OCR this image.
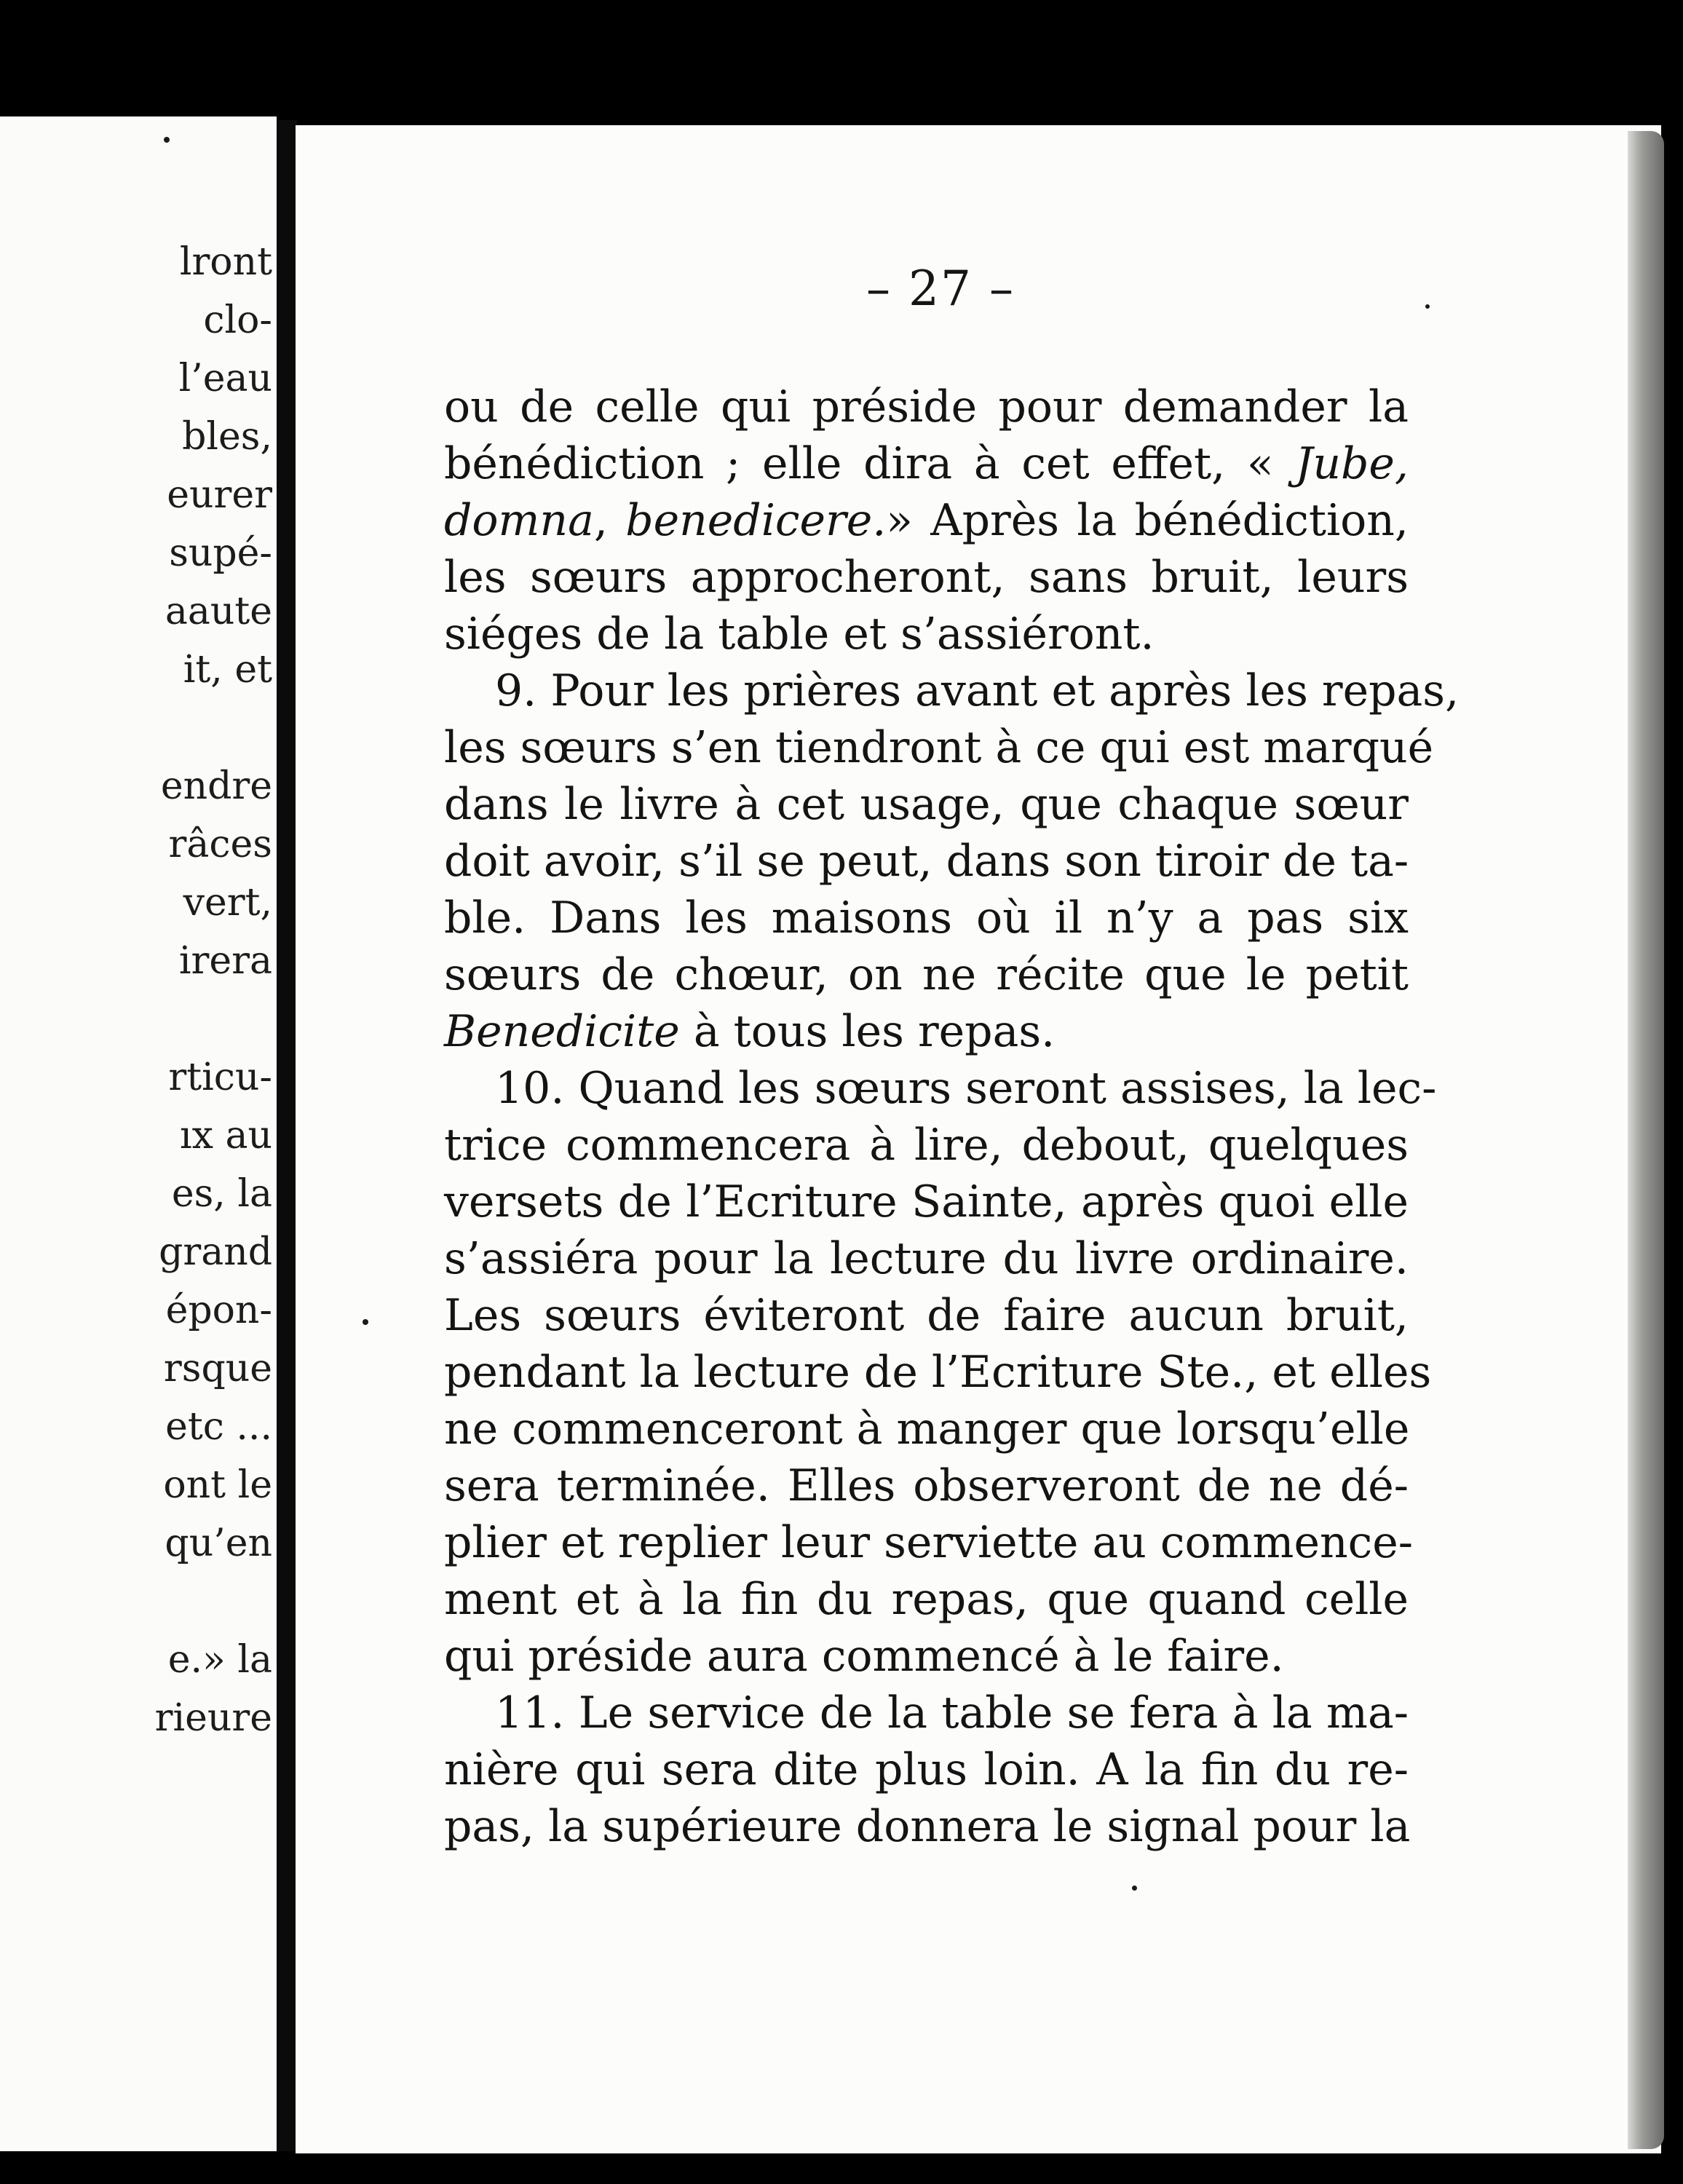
lront
clo-
l’eau
bles,
eurer
supé-
aaute
it, et
endre
râces
vert,
irera
rticu-
ıx au
es, la
grand
épon-
rsque
etc ...
ont le
qu’en
e.» la
rieure
– 27 –
ou de celle qui préside pour demander la
bénédiction ; elle dira à cet effet, « Jube,
domna, benedicere.» Après la bénédiction,
les sœurs approcheront, sans bruit, leurs
siéges de la table et s’assiéront.
9. Pour les prières avant et après les repas,
les sœurs s’en tiendront à ce qui est marqué
dans le livre à cet usage, que chaque sœur
doit avoir, s’il se peut, dans son tiroir de ta-
ble. Dans les maisons où il n’y a pas six
sœurs de chœur, on ne récite que le petit
Benedicite à tous les repas.
10. Quand les sœurs seront assises, la lec-
trice commencera à lire, debout, quelques
versets de l’Ecriture Sainte, après quoi elle
s’assiéra pour la lecture du livre ordinaire.
Les sœurs éviteront de faire aucun bruit,
pendant la lecture de l’Ecriture Ste., et elles
ne commenceront à manger que lorsqu’elle
sera terminée. Elles observeront de ne dé-
plier et replier leur serviette au commence-
ment et à la fin du repas, que quand celle
qui préside aura commencé à le faire.
11. Le service de la table se fera à la ma-
nière qui sera dite plus loin. A la fin du re-
pas, la supérieure donnera le signal pour la
